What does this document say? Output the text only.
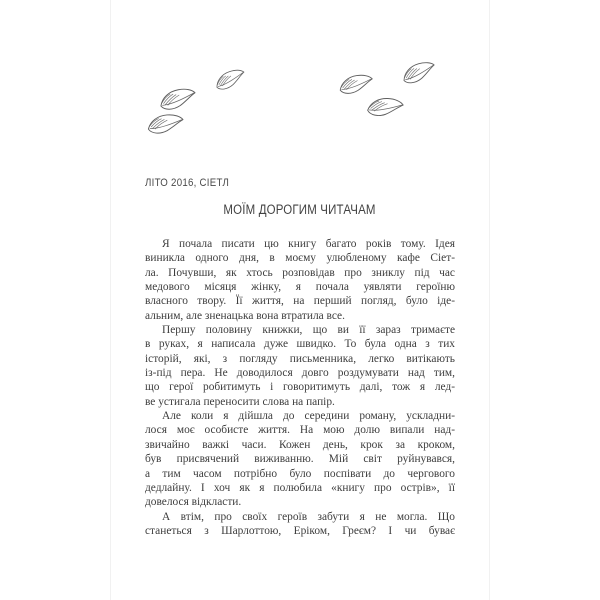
ЛІТО 2016, СІЕТЛ
МОЇМ ДОРОГИМ ЧИТАЧАМ
Я почала писати цю книгу багато років тому. Ідея
виникла одного дня, в моєму улюбленому кафе Сіет-
ла. Почувши, як хтось розповідав про зниклу під час
медового місяця жінку, я почала уявляти героїню
власного твору. Її життя, на перший погляд, було іде-
альним, але зненацька вона втратила все.
Першу половину книжки, що ви її зараз тримаєте
в руках, я написала дуже швидко. То була одна з тих
історій, які, з погляду письменника, легко витікають
із-під пера. Не доводилося довго роздумувати над тим,
що герої робитимуть і говоритимуть далі, тож я лед-
ве устигала переносити слова на папір.
Але коли я дійшла до середини роману, ускладни-
лося моє особисте життя. На мою долю випали над-
звичайно важкі часи. Кожен день, крок за кроком,
був присвячений виживанню. Мій світ руйнувався,
а тим часом потрібно було поспівати до чергового
дедлайну. І хоч як я полюбила «книгу про острів», її
довелося відкласти.
А втім, про своїх героїв забути я не могла. Що
станеться з Шарлоттою, Еріком, Греєм? І чи буває
